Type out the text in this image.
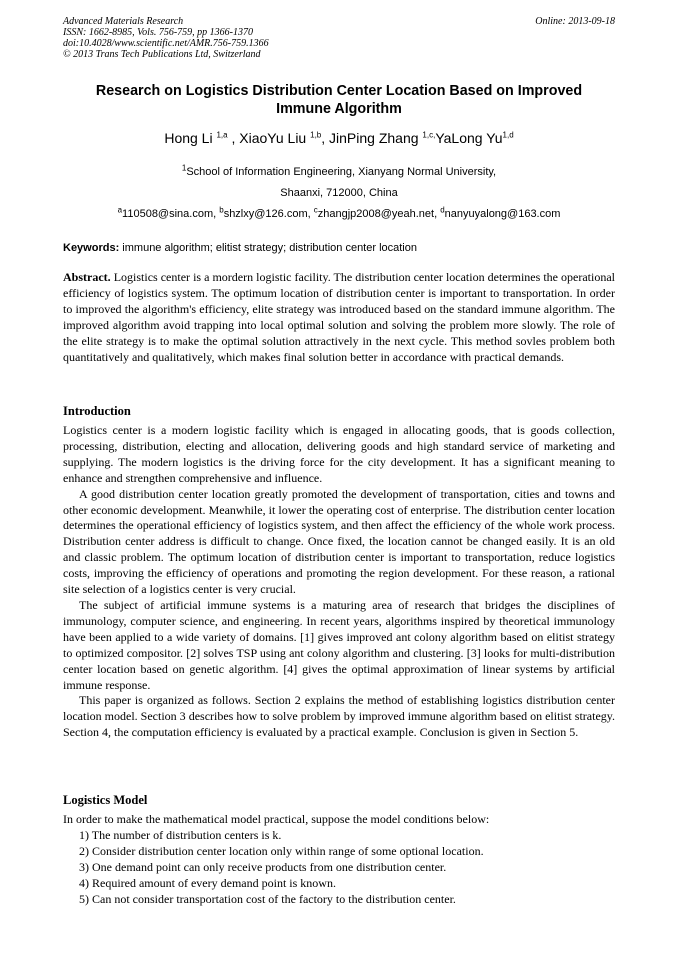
Advanced Materials Research
ISSN: 1662-8985, Vols. 756-759, pp 1366-1370
doi:10.4028/www.scientific.net/AMR.756-759.1366
© 2013 Trans Tech Publications Ltd, Switzerland
Online: 2013-09-18
Research on Logistics Distribution Center Location Based on Improved
Immune Algorithm
Hong Li $^{1,a}$ , XiaoYu Liu $^{1,b}$, JinPing Zhang $^{1,c,}$YaLong Yu$^{1,d}$
$^1$School of Information Engineering, Xianyang Normal University,
Shaanxi, 712000, China
$^a$110508@sina.com, $^b$shzlxy@126.com, $^c$zhangjp2008@yeah.net, $^d$nanyuyalong@163.com
Keywords: immune algorithm; elitist strategy; distribution center location

Abstract. Logistics center is a mordern logistic facility. The distribution center location determines the operational efficiency of logistics system. The optimum location of distribution center is important to transportation. In order to improved the algorithm's efficiency, elite strategy was introduced based on the standard immune algorithm. The improved algorithm avoid trapping into local optimal solution and solving the problem more slowly. The role of the elite strategy is to make the optimal solution attractively in the next cycle. This method sovles problem both quantitatively and qualitatively, which makes final solution better in accordance with practical demands.

Introduction

Logistics center is a modern logistic facility which is engaged in allocating goods, that is goods collection, processing, distribution, electing and allocation, delivering goods and high standard service of marketing and supplying. The modern logistics is the driving force for the city development. It has a significant meaning to enhance and strengthen comprehensive and influence.

A good distribution center location greatly promoted the development of transportation, cities and towns and other economic development. Meanwhile, it lower the operating cost of enterprise. The distribution center location determines the operational efficiency of logistics system, and then affect the efficiency of the whole work process. Distribution center address is difficult to change. Once fixed, the location cannot be changed easily. It is an old and classic problem. The optimum location of distribution center is important to transportation, reduce logistics costs, improving the efficiency of operations and promoting the region development. For these reason, a rational site selection of a logistics center is very crucial.

The subject of artificial immune systems is a maturing area of research that bridges the disciplines of immunology, computer science, and engineering. In recent years, algorithms inspired by theoretical immunology have been applied to a wide variety of domains. [1] gives improved ant colony algorithm based on elitist strategy to optimized compositor. [2] solves TSP using ant colony algorithm and clustering. [3] looks for multi-distribution center location based on genetic algorithm. [4] gives the optimal approximation of linear systems by artificial immune response.

This paper is organized as follows. Section 2 explains the method of establishing logistics distribution center location model. Section 3 describes how to solve problem by improved immune algorithm based on elitist strategy. Section 4, the computation efficiency is evaluated by a practical example. Conclusion is given in Section 5.

Logistics Model
In order to make the mathematical model practical, suppose the model conditions below:
1) The number of distribution centers is k.
2) Consider distribution center location only within range of some optional location.
3) One demand point can only receive products from one distribution center.
4) Required amount of every demand point is known.
5) Can not consider transportation cost of the factory to the distribution center.
